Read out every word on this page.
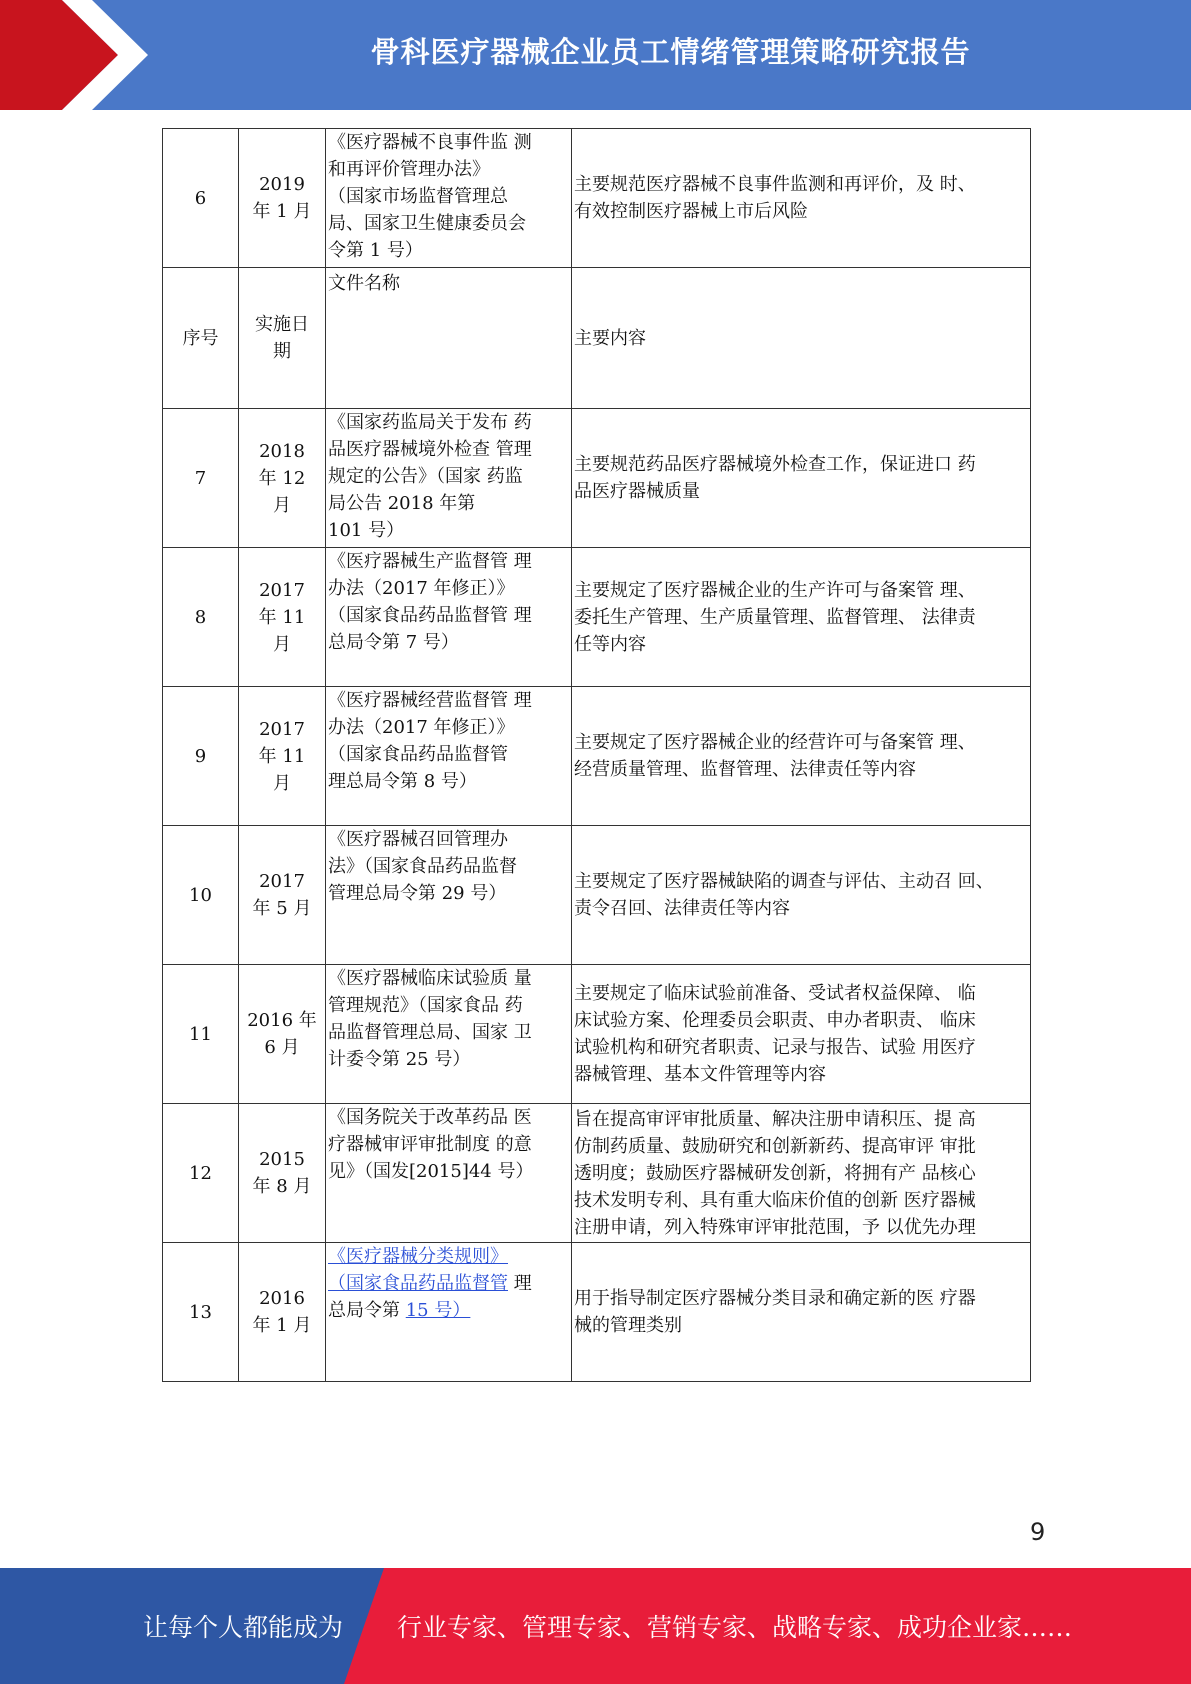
骨科医疗器械企业员工情绪管理策略研究报告
6	2019
年 1 月	《医疗器械不良事件监 测
和再评价管理办法》
（国家市场监督管理总
局、国家卫生健康委员会
令第 1 号）	主要规范医疗器械不良事件监测和再评价，及 时、
有效控制医疗器械上市后风险
序号	实施日
期	文件名称	主要内容
7	2018
年 12
月	《国家药监局关于发布 药
品医疗器械境外检查 管理
规定的公告》（国家 药监
局公告 2018 年第
101 号）	主要规范药品医疗器械境外检查工作，保证进口 药
品医疗器械质量
8	2017
年 11
月	《医疗器械生产监督管 理
办法（2017 年修正）》
（国家食品药品监督管 理
总局令第 7 号）	主要规定了医疗器械企业的生产许可与备案管 理、
委托生产管理、生产质量管理、监督管理、 法律责
任等内容
9	2017
年 11
月	《医疗器械经营监督管 理
办法（2017 年修正）》
（国家食品药品监督管
理总局令第 8 号）	主要规定了医疗器械企业的经营许可与备案管 理、
经营质量管理、监督管理、法律责任等内容
10	2017
年 5 月	《医疗器械召回管理办
法》（国家食品药品监督
管理总局令第 29 号）	主要规定了医疗器械缺陷的调查与评估、主动召 回、
责令召回、法律责任等内容
11	2016 年
6 月	《医疗器械临床试验质 量
管理规范》（国家食品 药
品监督管理总局、国家 卫
计委令第 25 号）	主要规定了临床试验前准备、受试者权益保障、 临
床试验方案、伦理委员会职责、申办者职责、 临床
试验机构和研究者职责、记录与报告、试验 用医疗
器械管理、基本文件管理等内容
12	2015
年 8 月	《国务院关于改革药品 医
疗器械审评审批制度 的意
见》（国发[2015]44 号）	旨在提高审评审批质量、解决注册申请积压、提 高
仿制药质量、鼓励研究和创新新药、提高审评 审批
透明度；鼓励医疗器械研发创新，将拥有产 品核心
技术发明专利、具有重大临床价值的创新 医疗器械
注册申请，列入特殊审评审批范围，予 以优先办理
13	2016
年 1 月	《医疗器械分类规则》
（国家食品药品监督管 理
总局令第 15 号）	用于指导制定医疗器械分类目录和确定新的医 疗器
械的管理类别
9
让每个人都能成为 行业专家、管理专家、营销专家、战略专家、成功企业家……
